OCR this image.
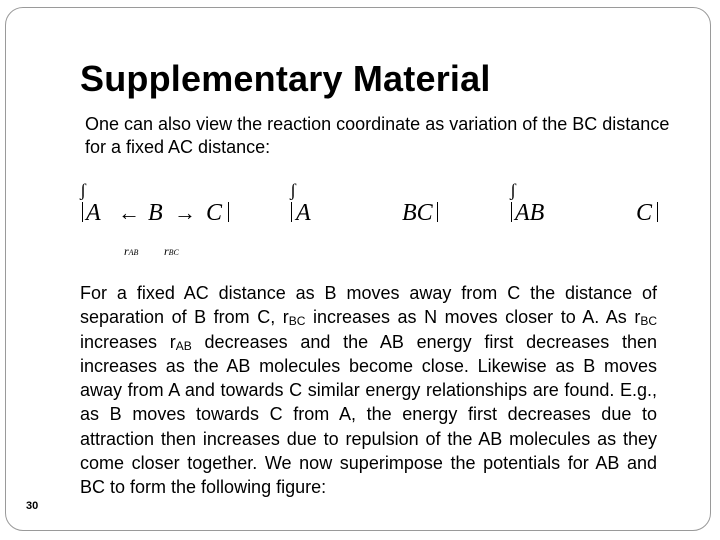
Supplementary Material
One can also view the reaction coordinate as variation of the BC distance for a fixed AC distance:
ʃ
A ← B → C
rAB rBC
ʃ
A	BC
ʃ
AB	C
For a fixed AC distance as B moves away from C the distance of separation of B from C, $r_{BC}$ increases as N moves closer to A. As $r_{BC}$ increases $r_{AB}$ decreases and the AB energy first decreases then increases as the AB molecules become close. Likewise as B moves away from A and towards C similar energy relationships are found. E.g., as B moves towards C from A, the energy first decreases due to attraction then increases due to repulsion of the AB molecules as they come closer together. We now superimpose the potentials for AB and BC to form the following figure:
30
